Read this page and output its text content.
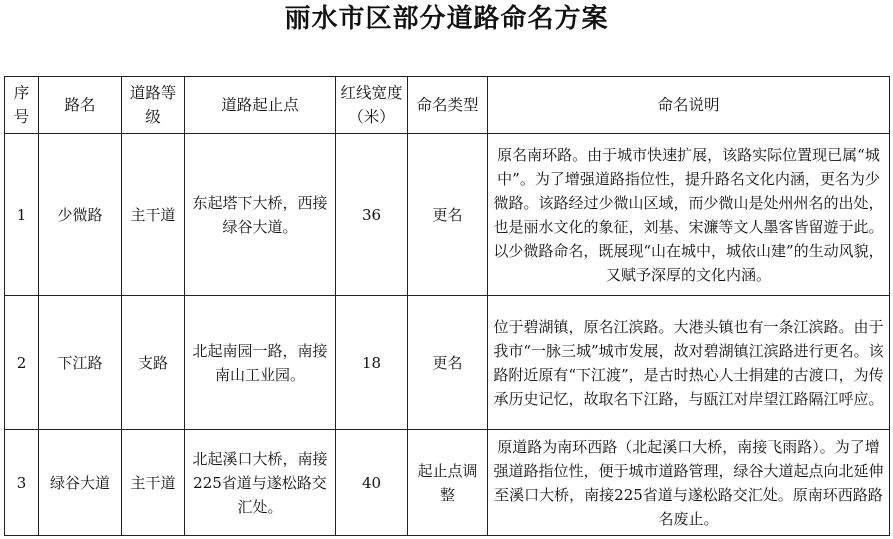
丽水市区部分道路命名方案
序号	路名	道路等级	道路起止点	红线宽度（米）	命名类型	命名说明
1	少微路	主干道	东起塔下大桥，西接绿谷大道。	36	更名	原名南环路。由于城市快速扩展，该路实际位置现已属“城中”。为了增强道路指位性，提升路名文化内涵，更名为少微路。该路经过少微山区域，而少微山是处州州名的出处，也是丽水文化的象征，刘基、宋濂等文人墨客皆留遊于此。以少微路命名，既展现“山在城中，城依山建”的生动风貌，又赋予深厚的文化内涵。
2	下江路	支路	北起南园一路，南接南山工业园。	18	更名	位于碧湖镇，原名江滨路。大港头镇也有一条江滨路。由于我市“一脉三城”城市发展，故对碧湖镇江滨路进行更名。该路附近原有“下江渡”，是古时热心人士捐建的古渡口，为传承历史记忆，故取名下江路，与瓯江对岸望江路隔江呼应。
3	绿谷大道	主干道	北起溪口大桥，南接225省道与遂松路交汇处。	40	起止点调整	原道路为南环西路（北起溪口大桥，南接飞雨路）。为了增强道路指位性，便于城市道路管理，绿谷大道起点向北延伸至溪口大桥，南接225省道与遂松路交汇处。原南环西路路名废止。
